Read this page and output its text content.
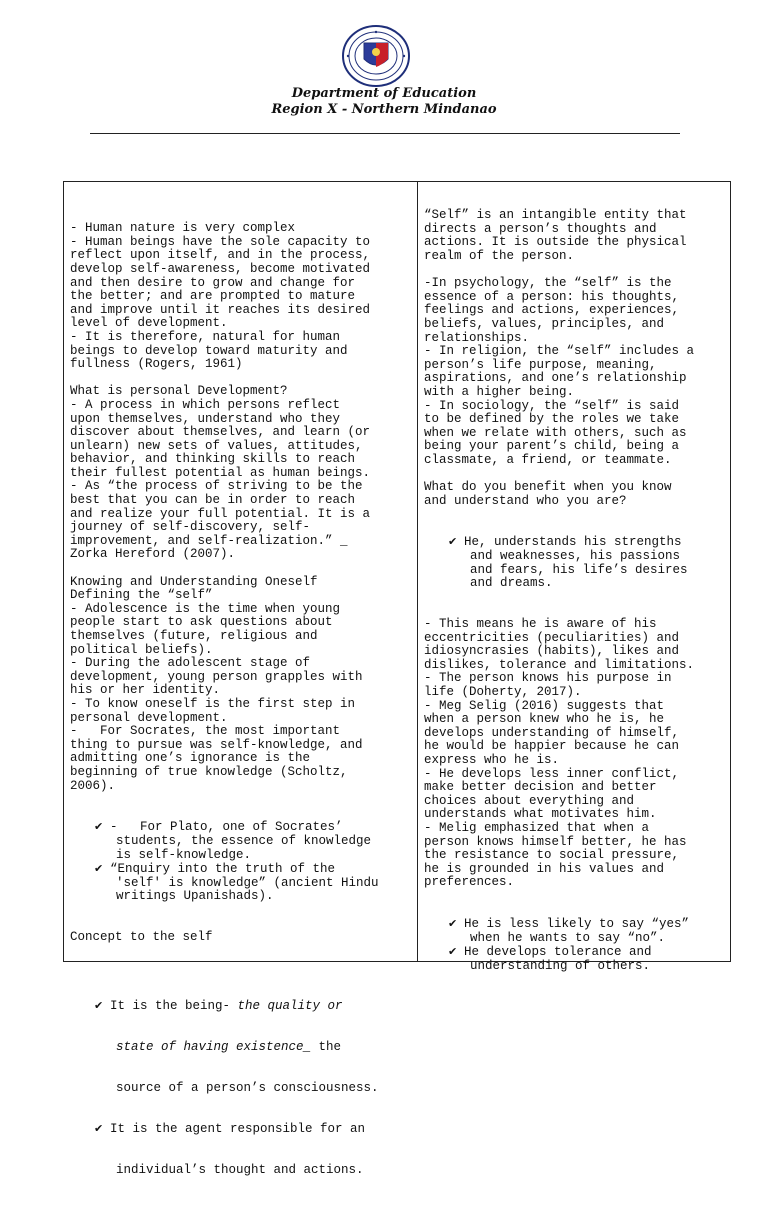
Department of Education
Region X - Northern Mindanao

- Human nature is very complex
- Human beings have the sole capacity to
reflect upon itself, and in the process,
develop self-awareness, become motivated
and then desire to grow and change for
the better; and are prompted to mature
and improve until it reaches its desired
level of development.
- It is therefore, natural for human
beings to develop toward maturity and
fullness (Rogers, 1961)
What is personal Development?
- A process in which persons reflect
upon themselves, understand who they
discover about themselves, and learn (or
unlearn) new sets of values, attitudes,
behavior, and thinking skills to reach
their fullest potential as human beings.
- As “the process of striving to be the
best that you can be in order to reach
and realize your full potential. It is a
journey of self-discovery, self-
improvement, and self-realization.” _
Zorka Hereford (2007).
Knowing and Understanding Oneself
Defining the “self”
- Adolescence is the time when young
people start to ask questions about
themselves (future, religious and
political beliefs).
- During the adolescent stage of
development, young person grapples with
his or her identity.
- To know oneself is the first step in
personal development.
-   For Socrates, the most important
thing to pursue was self-knowledge, and
admitting one’s ignorance is the
beginning of true knowledge (Scholtz,
2006).

✔ -   For Plato, one of Socrates’
students, the essence of knowledge
is self-knowledge.
✔ “Enquiry into the truth of the
'self' is knowledge” (ancient Hindu
writings Upanishads).

Concept to the self

✔ It is the being- the quality or

state of having existence_ the

source of a person’s consciousness.

✔ It is the agent responsible for an

individual’s thought and actions.

“Self” is an intangible entity that
directs a person’s thoughts and
actions. It is outside the physical
realm of the person.
-In psychology, the “self” is the
essence of a person: his thoughts,
feelings and actions, experiences,
beliefs, values, principles, and
relationships.
- In religion, the “self” includes a
person’s life purpose, meaning,
aspirations, and one’s relationship
with a higher being.
- In sociology, the “self” is said
to be defined by the roles we take
when we relate with others, such as
being your parent’s child, being a
classmate, a friend, or teammate.
What do you benefit when you know
and understand who you are?

✔ He, understands his strengths
and weaknesses, his passions
and fears, his life’s desires
and dreams.

- This means he is aware of his
eccentricities (peculiarities) and
idiosyncrasies (habits), likes and
dislikes, tolerance and limitations.
- The person knows his purpose in
life (Doherty, 2017).
- Meg Selig (2016) suggests that
when a person knew who he is, he
develops understanding of himself,
he would be happier because he can
express who he is.
- He develops less inner conflict,
make better decision and better
choices about everything and
understands what motivates him.
- Melig emphasized that when a
person knows himself better, he has
the resistance to social pressure,
he is grounded in his values and
preferences.

✔ He is less likely to say “yes”
when he wants to say “no”.
✔ He develops tolerance and
understanding of others.
